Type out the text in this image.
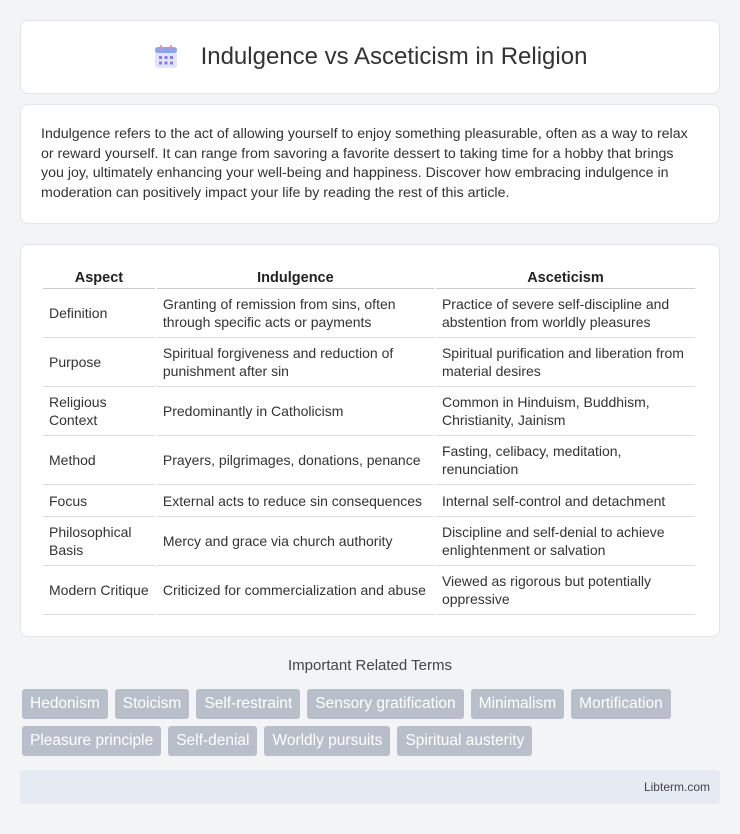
Indulgence vs Asceticism in Religion

Indulgence refers to the act of allowing yourself to enjoy something pleasurable, often as a way to relax or reward yourself. It can range from savoring a favorite dessert to taking time for a hobby that brings you joy, ultimately enhancing your well-being and happiness. Discover how embracing indulgence in moderation can positively impact your life by reading the rest of this article.

Aspect	Indulgence	Asceticism
Definition	Granting of remission from sins, often through specific acts or payments	Practice of severe self-discipline and abstention from worldly pleasures
Purpose	Spiritual forgiveness and reduction of punishment after sin	Spiritual purification and liberation from material desires
Religious Context	Predominantly in Catholicism	Common in Hinduism, Buddhism, Christianity, Jainism
Method	Prayers, pilgrimages, donations, penance	Fasting, celibacy, meditation, renunciation
Focus	External acts to reduce sin consequences	Internal self-control and detachment
Philosophical Basis	Mercy and grace via church authority	Discipline and self-denial to achieve enlightenment or salvation
Modern Critique	Criticized for commercialization and abuse	Viewed as rigorous but potentially oppressive
Important Related Terms
Hedonism	Stoicism	Self-restraint	Sensory gratification	Minimalism	Mortification
Pleasure principle	Self-denial	Worldly pursuits	Spiritual austerity
Libterm.com
